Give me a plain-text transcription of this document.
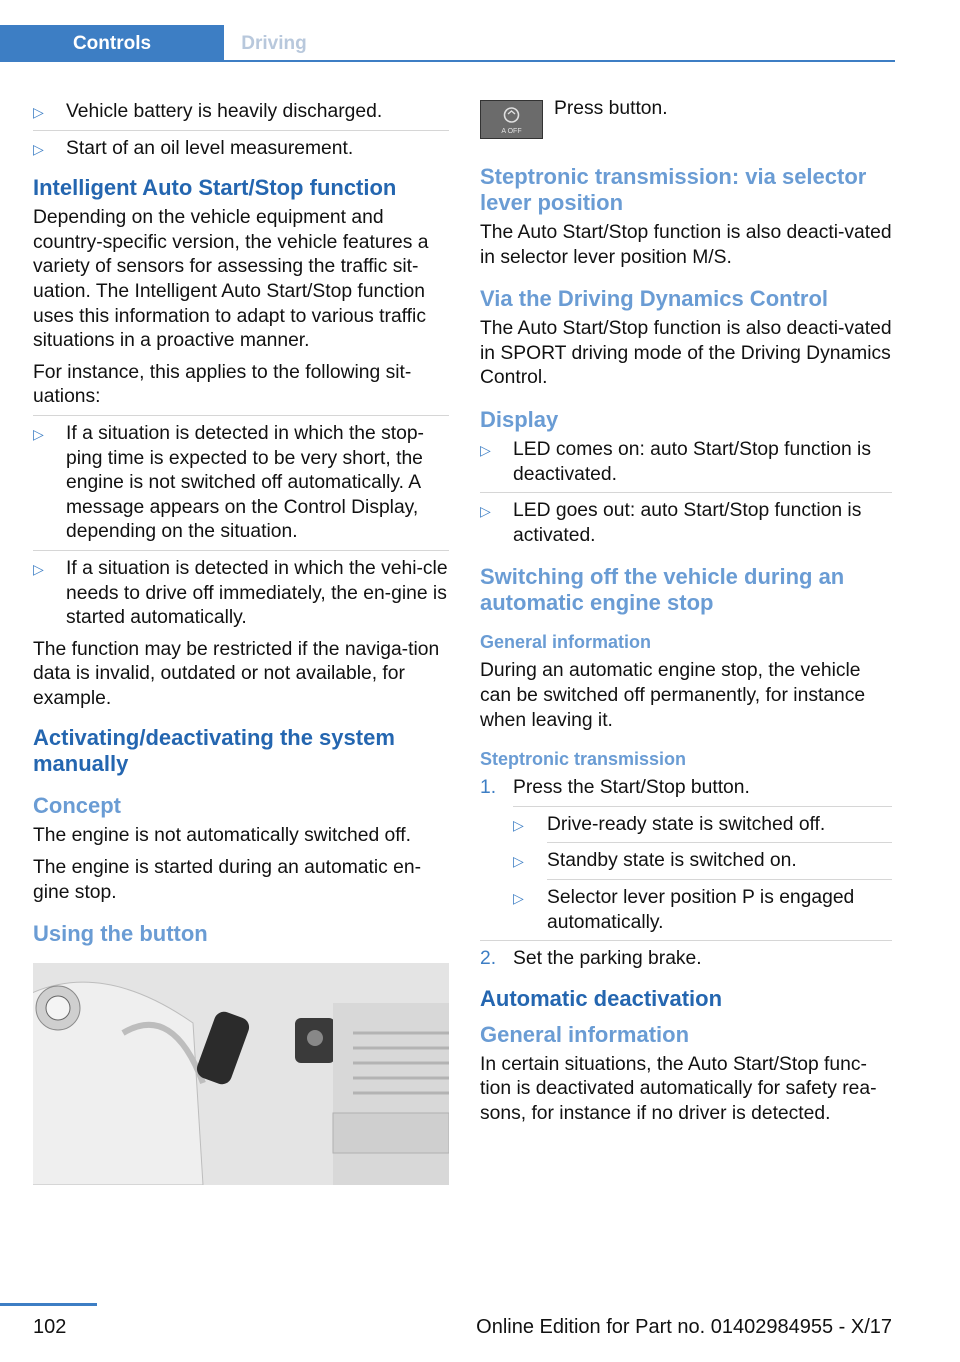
Controls	Driving
▷ Vehicle battery is heavily discharged.
▷ Start of an oil level measurement.
Intelligent Auto Start/Stop function

Depending on the vehicle equipment and country-specific version, the vehicle features a variety of sensors for assessing the traffic sit‐uation. The Intelligent Auto Start/Stop function uses this information to adapt to various traffic situations in a proactive manner.

For instance, this applies to the following sit‐uations:

▷ If a situation is detected in which the stop‐ping time is expected to be very short, the engine is not switched off automatically. A message appears on the Control Display, depending on the situation.
▷ If a situation is detected in which the vehi‐cle needs to drive off immediately, the en‐gine is started automatically.

The function may be restricted if the naviga‐tion data is invalid, outdated or not available, for example.

Activating/deactivating the system manually
Concept

The engine is not automatically switched off.

The engine is started during an automatic en‐gine stop.

Using the button
A OFF
Press button.
Steptronic transmission: via selector lever position

The Auto Start/Stop function is also deacti‐vated in selector lever position M/S.

Via the Driving Dynamics Control

The Auto Start/Stop function is also deacti‐vated in SPORT driving mode of the Driving Dynamics Control.

Display
▷ LED comes on: auto Start/Stop function is deactivated.
▷ LED goes out: auto Start/Stop function is activated.
Switching off the vehicle during an automatic engine stop
General information

During an automatic engine stop, the vehicle can be switched off permanently, for instance when leaving it.

Steptronic transmission
1. Press the Start/Stop button.
▷ Drive-ready state is switched off.
▷ Standby state is switched on.
▷ Selector lever position P is engaged automatically.
2. Set the parking brake.
Automatic deactivation
General information

In certain situations, the Auto Start/Stop func‐tion is deactivated automatically for safety rea‐sons, for instance if no driver is detected.

102	Online Edition for Part no. 01402984955 - X/17
